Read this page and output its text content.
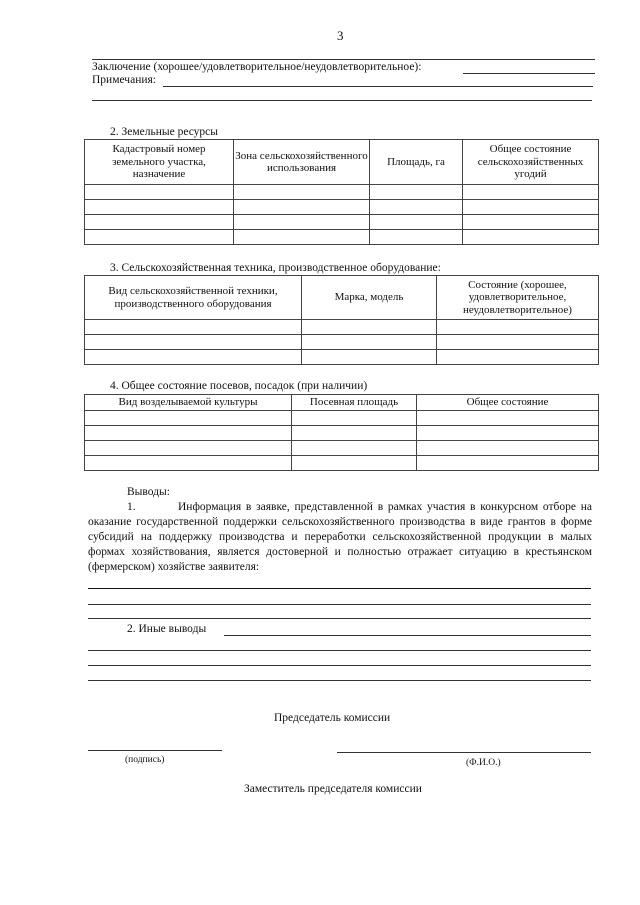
3
Заключение (хорошее/удовлетворительное/неудовлетворительное):
Примечания:
2. Земельные ресурсы
Кадастровый номер земельного участка, назначение	Зона сельскохозяйственного использования	Площадь, га	Общее состояние сельскохозяйственных угодий

3. Сельскохозяйственная техника, производственное оборудование:
Вид сельскохозяйственной техники, производственного оборудования	Марка, модель	Состояние (хорошее, удовлетворительное, неудовлетворительное)

4. Общее состояние посевов, посадок (при наличии)
Вид возделываемой культуры	Посевная площадь	Общее состояние

Выводы:
1.	Информация в заявке, представленной в рамках участия в конкурсном отборе на оказание государственной поддержки сельскохозяйственного производства в виде грантов в форме субсидий на поддержку производства и переработки сельскохозяйственной продукции в малых формах хозяйствования, является достоверной и полностью отражает ситуацию в крестьянском (фермерском) хозяйстве заявителя:
2. Иные выводы
Председатель комиссии
(подпись)	(Ф.И.О.)
Заместитель председателя комиссии
